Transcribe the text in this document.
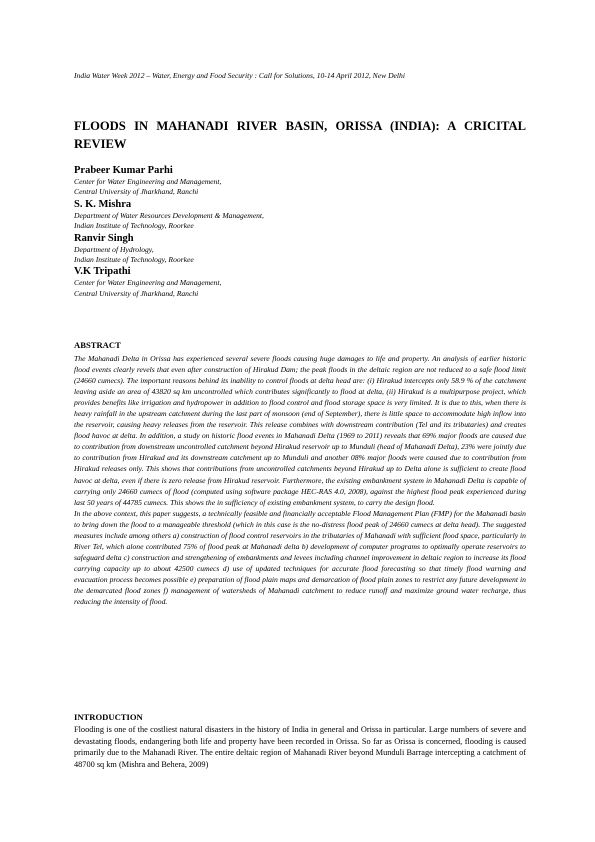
India Water Week 2012 – Water, Energy and Food Security : Call for Solutions, 10-14 April 2012, New Delhi
FLOODS IN MAHANADI RIVER BASIN, ORISSA (INDIA): A CRICITAL REVIEW

Prabeer Kumar Parhi

Center for Water Engineering and Management,

Central University of Jharkhand, Ranchi

S. K. Mishra

Department of Water Resources Development & Management,

Indian Institute of Technology, Roorkee

Ranvir Singh

Department of Hydrology,

Indian Institute of Technology, Roorkee

V.K Tripathi

Center for Water Engineering and Management,

Central University of Jharkhand, Ranchi

ABSTRACT

The Mahanadi Delta in Orissa has experienced several severe floods causing huge damages to life and property. An analysis of earlier historic flood events clearly revels that even after construction of Hirakud Dam; the peak floods in the deltaic region are not reduced to a safe flood limit (24660 cumecs). The important reasons behind its inability to control floods at delta head are: (i) Hirakud intercepts only 58.9 % of the catchment leaving aside an area of 43820 sq km uncontrolled which contributes significantly to flood at delta, (ii) Hirakud is a multipurpose project, which provides benefits like irrigation and hydropower in addition to flood control and flood storage space is very limited. It is due to this, when there is heavy rainfall in the upstream catchment during the last part of monsoon (end of September), there is little space to accommodate high inflow into the reservoir, causing heavy releases from the reservoir. This release combines with downstream contribution (Tel and its tributaries) and creates flood havoc at delta. In addition, a study on historic flood events in Mahanadi Delta (1969 to 2011) reveals that 69% major floods are caused due to contribution from downstream uncontrolled catchment beyond Hirakud reservoir up to Munduli (head of Mahanadi Delta), 23% were jointly due to contribution from Hirakud and its downstream catchment up to Munduli and another 08% major floods were caused due to contribution from Hirakud releases only. This shows that contributions from uncontrolled catchments beyond Hirakud up to Delta alone is sufficient to create flood havoc at delta, even if there is zero release from Hirakud reservoir. Furthermore, the existing embankment system in Mahanadi Delta is capable of carrying only 24660 cumecs of flood (computed using software package HEC-RAS 4.0, 2008), against the highest flood peak experienced during last 50 years of 44785 cumecs. This shows the in sufficiency of existing embankment system, to carry the design flood.

In the above context, this paper suggests, a technically feasible and financially acceptable Flood Management Plan (FMP) for the Mahanadi basin to bring down the flood to a manageable threshold (which in this case is the no-distress flood peak of 24660 cumecs at delta head). The suggested measures include among others a) construction of flood control reservoirs in the tributaries of Mahanadi with sufficient flood space, particularly in River Tel, which alone contributed 75% of flood peak at Mahanadi delta b) development of computer programs to optimally operate reservoirs to safeguard delta c) construction and strengthening of embankments and levees including channel improvement in deltaic region to increase its flood carrying capacity up to about 42500 cumecs d) use of updated techniques for accurate flood forecasting so that timely flood warning and evacuation process becomes possible e) preparation of flood plain maps and demarcation of flood plain zones to restrict any future development in the demarcated flood zones f) management of watersheds of Mahanadi catchment to reduce runoff and maximize ground water recharge, thus reducing the intensity of flood.

INTRODUCTION

Flooding is one of the costliest natural disasters in the history of India in general and Orissa in particular. Large numbers of severe and devastating floods, endangering both life and property have been recorded in Orissa. So far as Orissa is concerned, flooding is caused primarily due to the Mahanadi River. The entire deltaic region of Mahanadi River beyond Munduli Barrage intercepting a catchment of 48700 sq km (Mishra and Behera, 2009)
